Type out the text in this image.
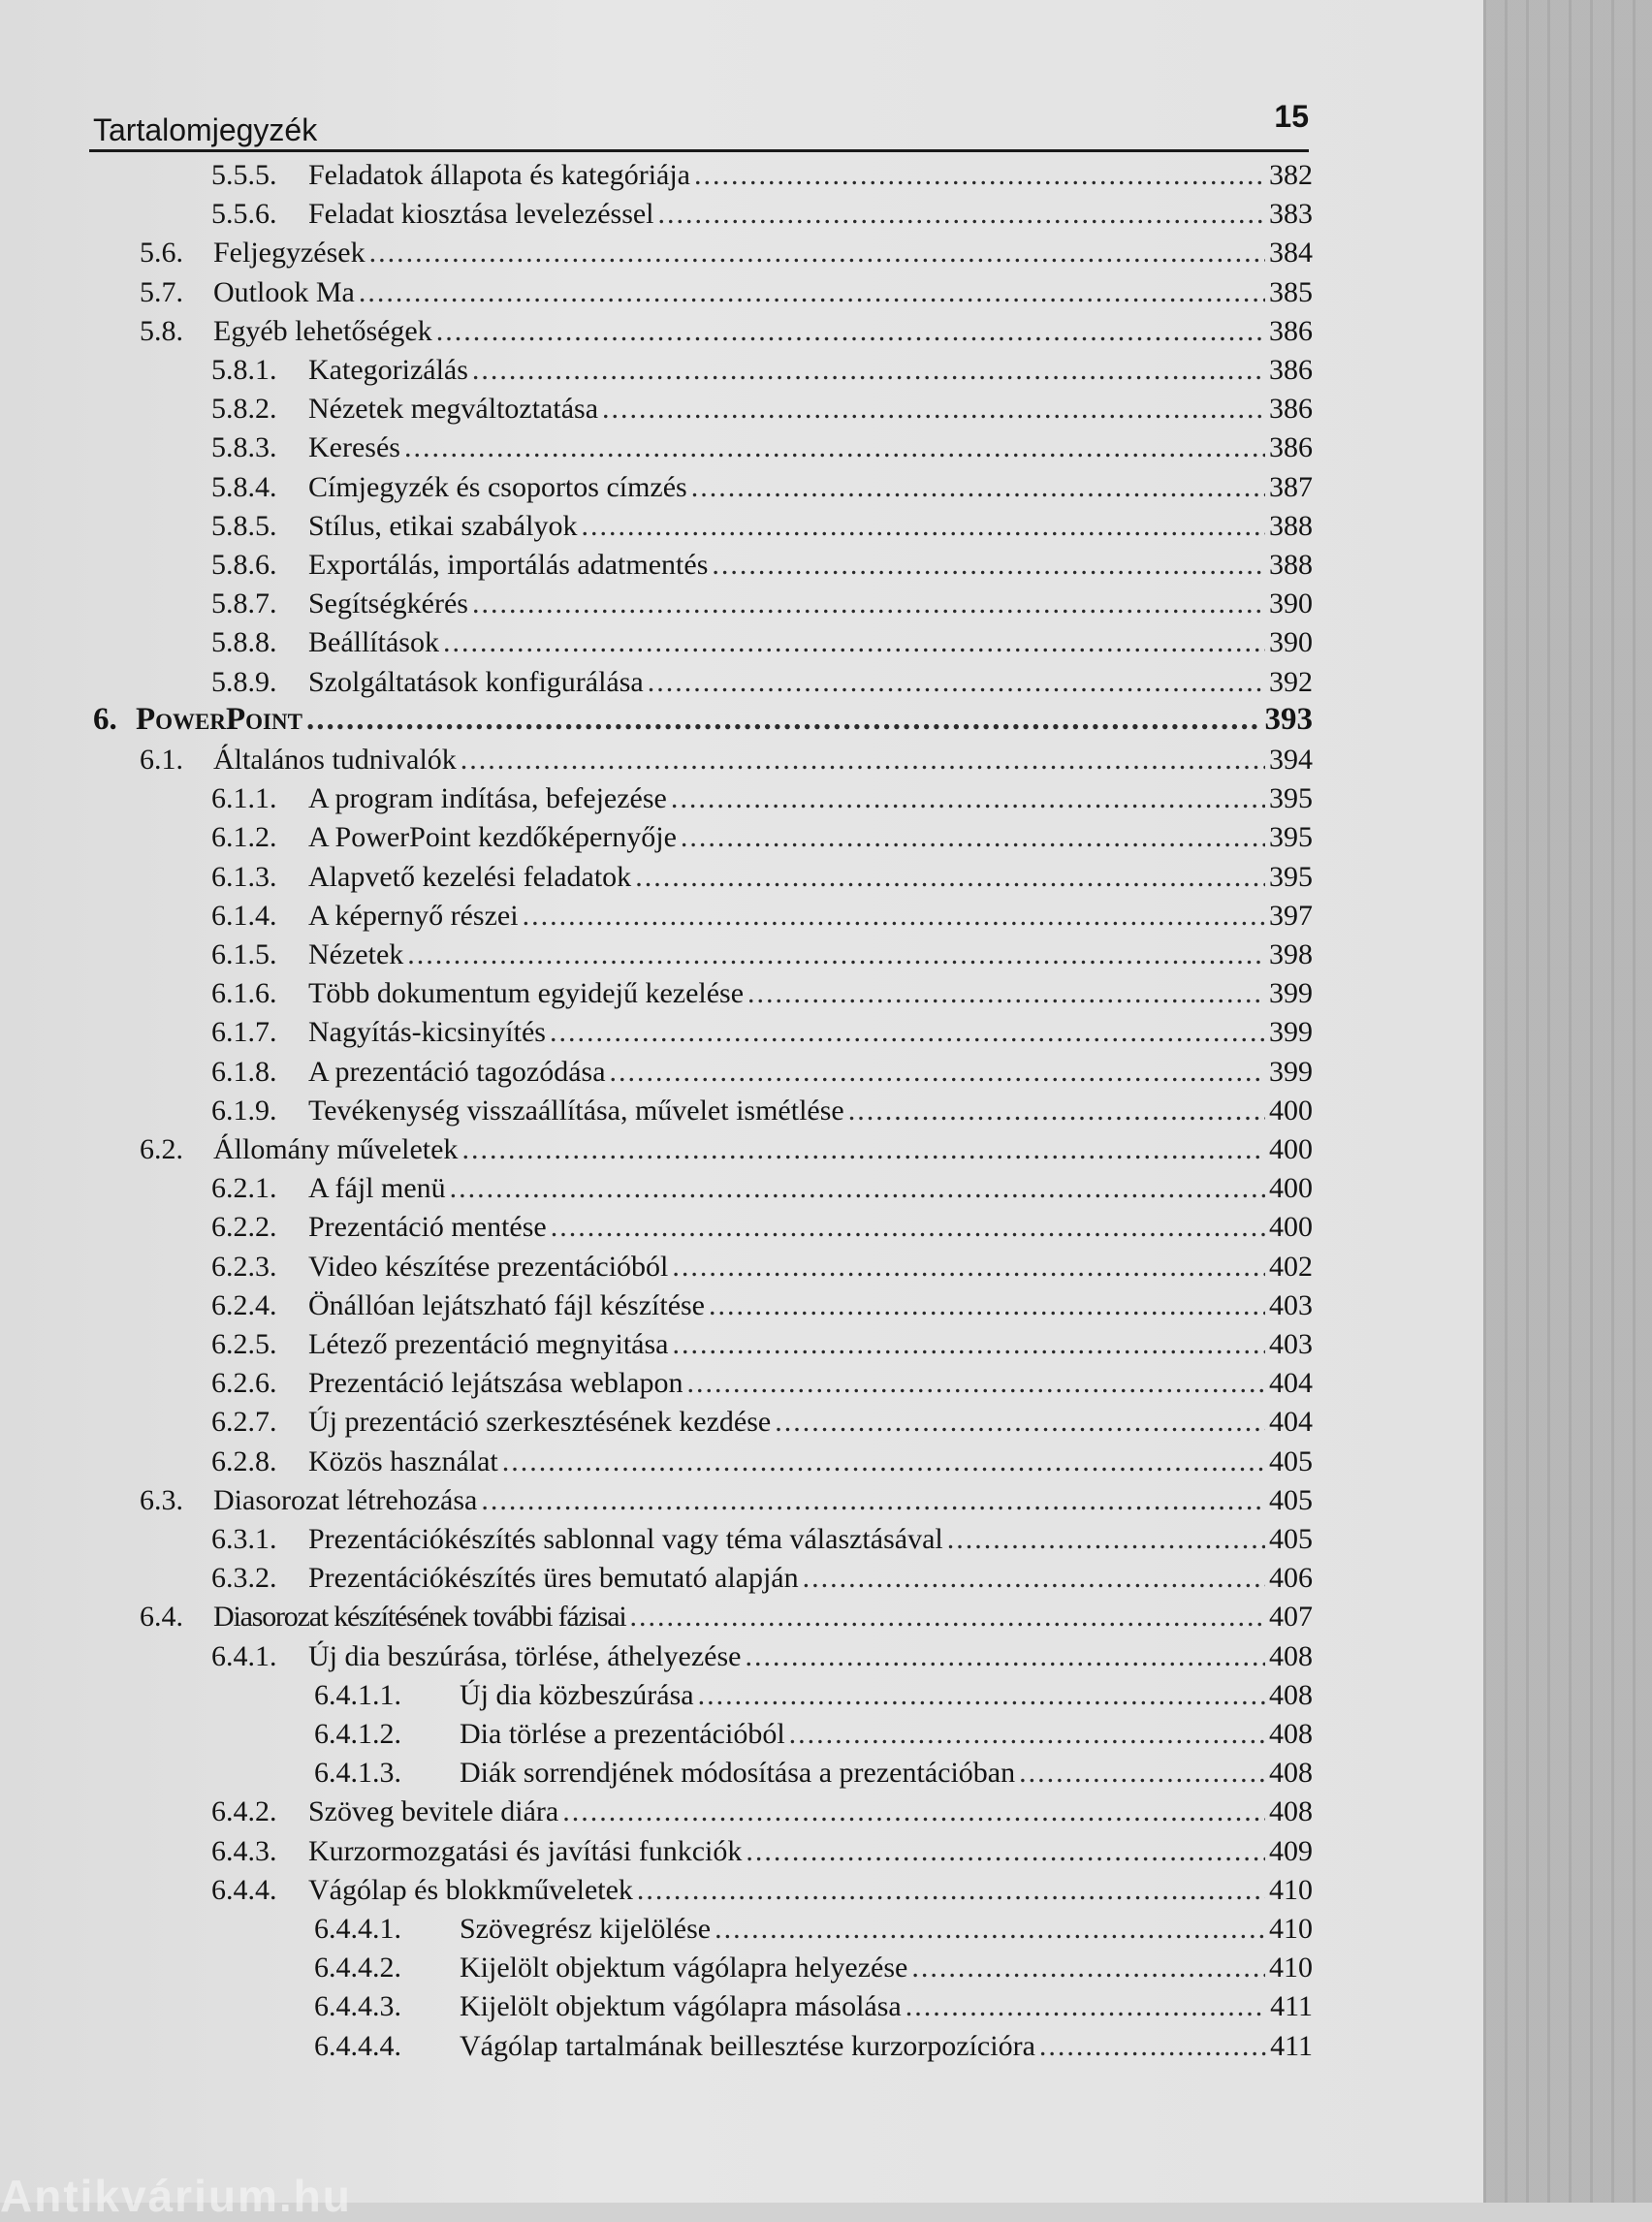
Tartalomjegyzék	15
5.5.5. Feladatok állapota és kategóriája .....	382
5.5.6. Feladat kiosztása levelezéssel .....	383
5.6. Feljegyzések .....	384
5.7. Outlook Ma .....	385
5.8. Egyéb lehetőségek .....	386
5.8.1. Kategorizálás .....	386
5.8.2. Nézetek megváltoztatása .....	386
5.8.3. Keresés .....	386
5.8.4. Címjegyzék és csoportos címzés .....	387
5.8.5. Stílus, etikai szabályok .....	388
5.8.6. Exportálás, importálás adatmentés .....	388
5.8.7. Segítségkérés .....	390
5.8.8. Beállítások .....	390
5.8.9. Szolgáltatások konfigurálása .....	392
6. PowerPoint .....	393
6.1. Általános tudnivalók .....	394
6.1.1. A program indítása, befejezése .....	395
6.1.2. A PowerPoint kezdőképernyője .....	395
6.1.3. Alapvető kezelési feladatok .....	395
6.1.4. A képernyő részei .....	397
6.1.5. Nézetek .....	398
6.1.6. Több dokumentum egyidejű kezelése .....	399
6.1.7. Nagyítás-kicsinyítés .....	399
6.1.8. A prezentáció tagozódása .....	399
6.1.9. Tevékenység visszaállítása, művelet ismétlése .....	400
6.2. Állomány műveletek .....	400
6.2.1. A fájl menü .....	400
6.2.2. Prezentáció mentése .....	400
6.2.3. Video készítése prezentációból .....	402
6.2.4. Önállóan lejátszható fájl készítése .....	403
6.2.5. Létező prezentáció megnyitása .....	403
6.2.6. Prezentáció lejátszása weblapon .....	404
6.2.7. Új prezentáció szerkesztésének kezdése .....	404
6.2.8. Közös használat .....	405
6.3. Diasorozat létrehozása .....	405
6.3.1. Prezentációkészítés sablonnal vagy téma választásával .....	405
6.3.2. Prezentációkészítés üres bemutató alapján .....	406
6.4. Diasorozat készítésének további fázisai .....	407
6.4.1. Új dia beszúrása, törlése, áthelyezése .....	408
6.4.1.1. Új dia közbeszúrása .....	408
6.4.1.2. Dia törlése a prezentációból .....	408
6.4.1.3. Diák sorrendjének módosítása a prezentációban .....	408
6.4.2. Szöveg bevitele diára .....	408
6.4.3. Kurzormozgatási és javítási funkciók .....	409
6.4.4. Vágólap és blokkműveletek .....	410
6.4.4.1. Szövegrész kijelölése .....	410
6.4.4.2. Kijelölt objektum vágólapra helyezése .....	410
6.4.4.3. Kijelölt objektum vágólapra másolása .....	411
6.4.4.4. Vágólap tartalmának beillesztése kurzorpozícióra .....	411
Antikvárium.hu
